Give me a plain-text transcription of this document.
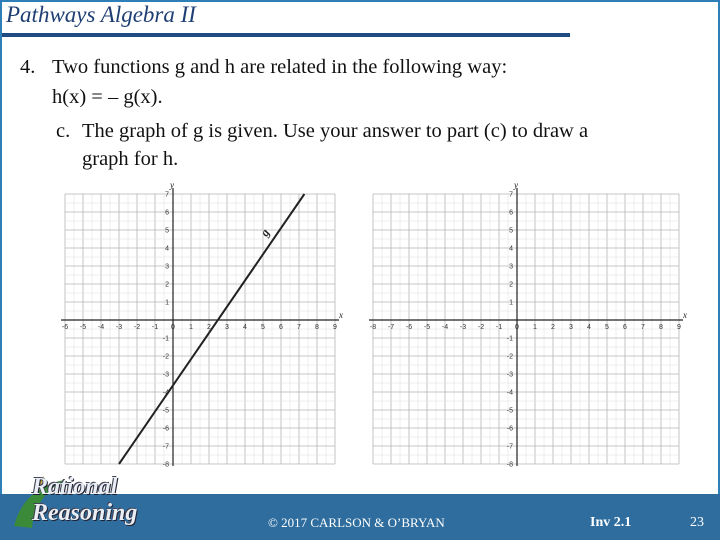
Pathways Algebra II
4. Two functions g and h are related in the following way:
h(x) = – g(x).
c. The graph of g is given. Use your answer to part (c) to draw a
graph for h.
x
y
-6 -5 -4 -3 -2 -1 0 1 2 3 4 5 6 7 8 9
7
6
5
4
3
2
1
-1
-2
-3
-4
-5
-6
-7
-8
g
x
y
-8 -7 -6 -5 -4 -3 -2 -1 0 1 2 3 4 5 6 7 8 9
7
6
5
4
3
2
1
-1
-2
-3
-4
-5
-6
-7
-8
Rational
Reasoning	© 2017 CARLSON & O’BRYAN	Inv 2.1	23
